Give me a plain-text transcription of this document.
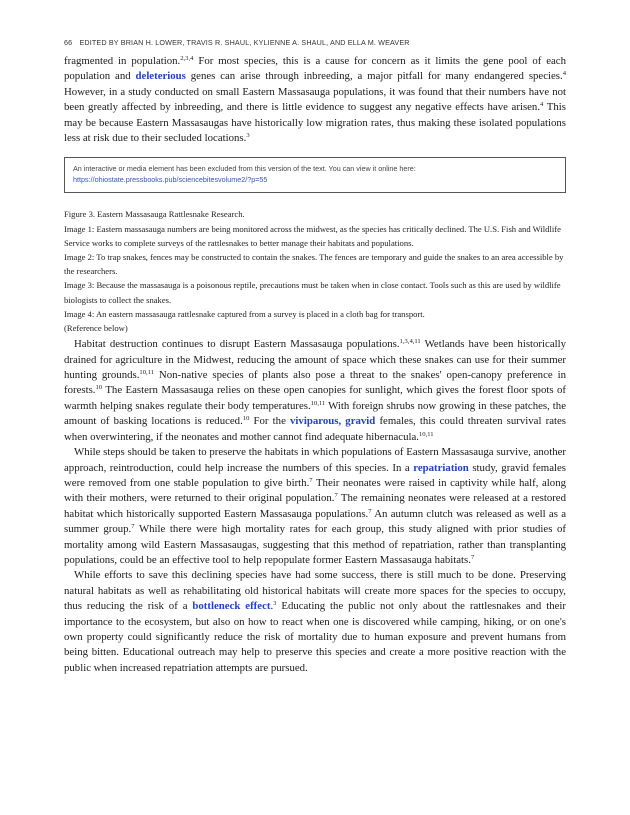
66 EDITED BY BRIAN H. LOWER, TRAVIS R. SHAUL, KYLIENNE A. SHAUL, AND ELLA M. WEAVER

fragmented in population.$^{2,3,4}$ For most species, this is a cause for concern as it limits the gene pool of each population and deleterious genes can arise through inbreeding, a major pitfall for many endangered species.$^4$ However, in a study conducted on small Eastern Massasauga populations, it was found that their numbers have not been greatly affected by inbreeding, and there is little evidence to suggest any negative effects have arisen.$^4$ This may be because Eastern Massasaugas have historically low migration rates, thus making these isolated populations less at risk due to their secluded locations.$^3$

An interactive or media element has been excluded from this version of the text. You can view it online here:
https://ohiostate.pressbooks.pub/sciencebitesvolume2/?p=55
Figure 3. Eastern Massasauga Rattlesnake Research.
Image 1: Eastern massasauga numbers are being monitored across the midwest, as the species has critically declined. The U.S. Fish and Wildlife Service works to complete surveys of the rattlesnakes to better manage their habitats and populations.
Image 2: To trap snakes, fences may be constructed to contain the snakes. The fences are temporary and guide the snakes to an area accessible by the researchers.
Image 3: Because the massasauga is a poisonous reptile, precautions must be taken when in close contact. Tools such as this are used by wildlife biologists to collect the snakes.
Image 4: An eastern massasauga rattlesnake captured from a survey is placed in a cloth bag for transport.
(Reference below)

Habitat destruction continues to disrupt Eastern Massasauga populations.$^{1,3,4,11}$ Wetlands have been historically drained for agriculture in the Midwest, reducing the amount of space which these snakes can use for their summer hunting grounds.$^{10,11}$ Non-native species of plants also pose a threat to the snakes' open-canopy preference in forests.$^{10}$ The Eastern Massasauga relies on these open canopies for sunlight, which gives the forest floor spots of warmth helping snakes regulate their body temperatures.$^{10,11}$ With foreign shrubs now growing in these patches, the amount of basking locations is reduced.$^{10}$ For the viviparous, gravid females, this could threaten survival rates when overwintering, if the neonates and mother cannot find adequate hibernacula.$^{10,11}$

While steps should be taken to preserve the habitats in which populations of Eastern Massasauga survive, another approach, reintroduction, could help increase the numbers of this species. In a repatriation study, gravid females were removed from one stable population to give birth.$^7$ Their neonates were raised in captivity while half, along with their mothers, were returned to their original population.$^7$ The remaining neonates were released at a restored habitat which historically supported Eastern Massasauga populations.$^7$ An autumn clutch was released as well as a summer group.$^7$ While there were high mortality rates for each group, this study aligned with prior studies of mortality among wild Eastern Massasaugas, suggesting that this method of repatriation, rather than transplanting populations, could be an effective tool to help repopulate former Eastern Massasauga habitats.$^7$

While efforts to save this declining species have had some success, there is still much to be done. Preserving natural habitats as well as rehabilitating old historical habitats will create more spaces for the species to occupy, thus reducing the risk of a bottleneck effect.$^3$ Educating the public not only about the rattlesnakes and their importance to the ecosystem, but also on how to react when one is discovered while camping, hiking, or on one's own property could significantly reduce the risk of mortality due to human exposure and prevent humans from being bitten. Educational outreach may help to preserve this species and create a more positive reaction with the public when increased repatriation attempts are pursued.
